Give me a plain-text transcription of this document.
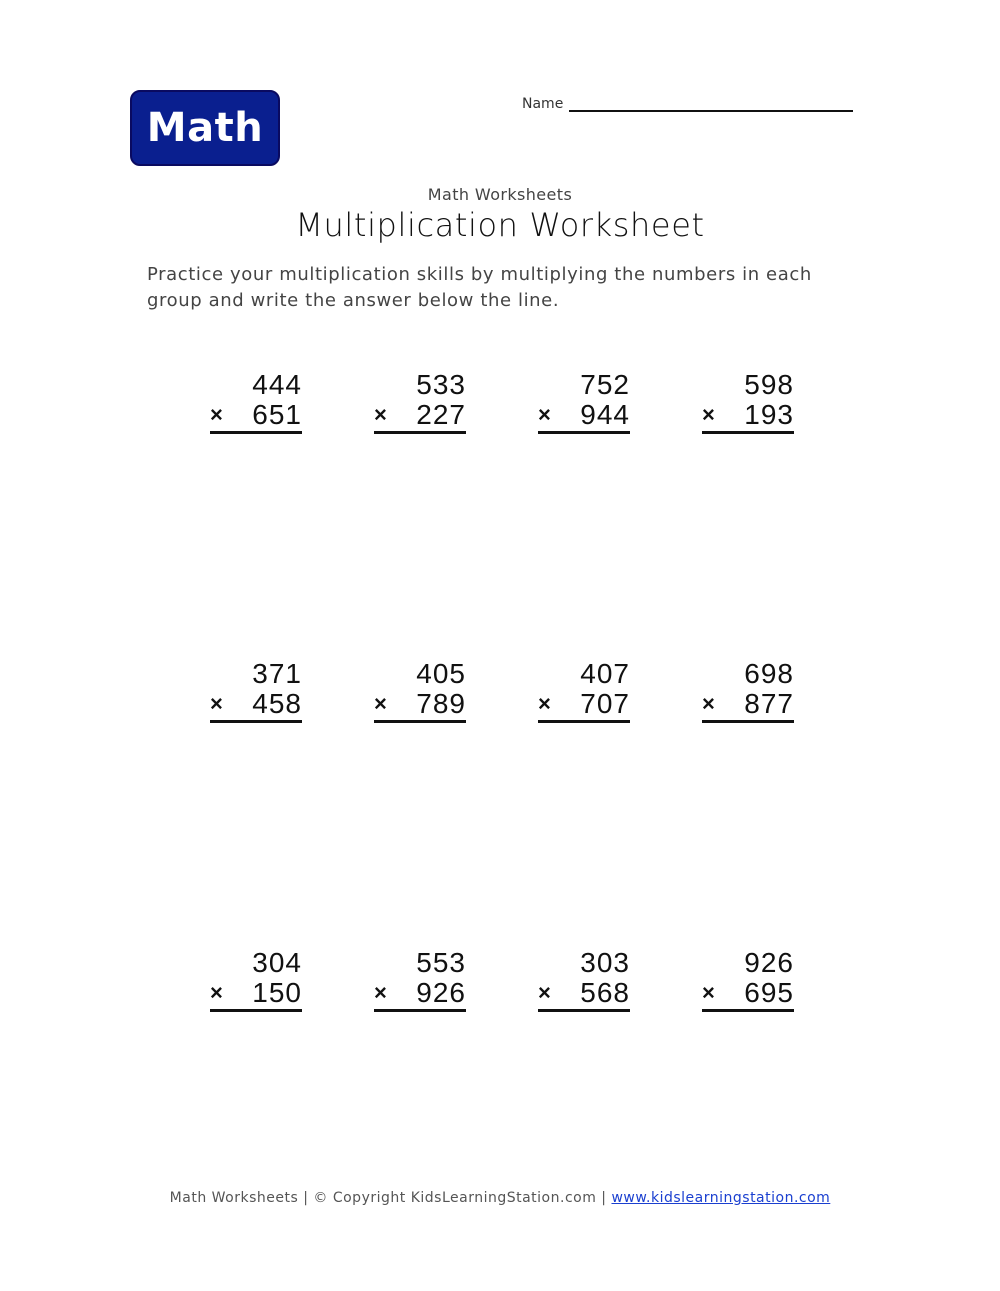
Math
Name
Math Worksheets
Multiplication Worksheet
Practice your multiplication skills by multiplying the numbers in each group and write the answer below the line.
444
× 651
533
× 227
752
× 944
598
× 193
371
× 458
405
× 789
407
× 707
698
× 877
304
× 150
553
× 926
303
× 568
926
× 695
Math Worksheets | © Copyright KidsLearningStation.com | www.kidslearningstation.com
